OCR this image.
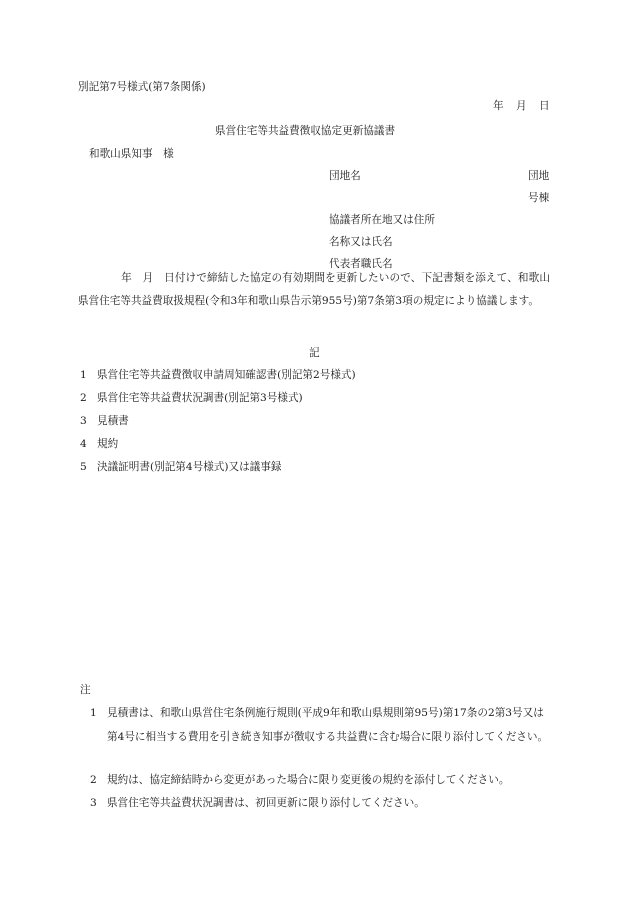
別記第7号様式(第7条関係)
年 月 日
県営住宅等共益費徴収協定更新協議書
和歌山県知事　様
団地名	団地
号棟
協議者所在地又は住所
名称又は氏名
代表者職氏名
年　月　日付けで締結した協定の有効期間を更新したいので、下記書類を添えて、和歌山県営住宅等共益費取扱規程(令和3年和歌山県告示第955号)第7条第3項の規定により協議します。
記
1 県営住宅等共益費徴収申請周知確認書(別記第2号様式)
2 県営住宅等共益費状況調書(別記第3号様式)
3 見積書
4 規約
5 決議証明書(別記第4号様式)又は議事録
注
1 見積書は、和歌山県営住宅条例施行規則(平成9年和歌山県規則第95号)第17条の2第3号又は第4号に相当する費用を引き続き知事が徴収する共益費に含む場合に限り添付してください。
2 規約は、協定締結時から変更があった場合に限り変更後の規約を添付してください。
3 県営住宅等共益費状況調書は、初回更新に限り添付してください。
